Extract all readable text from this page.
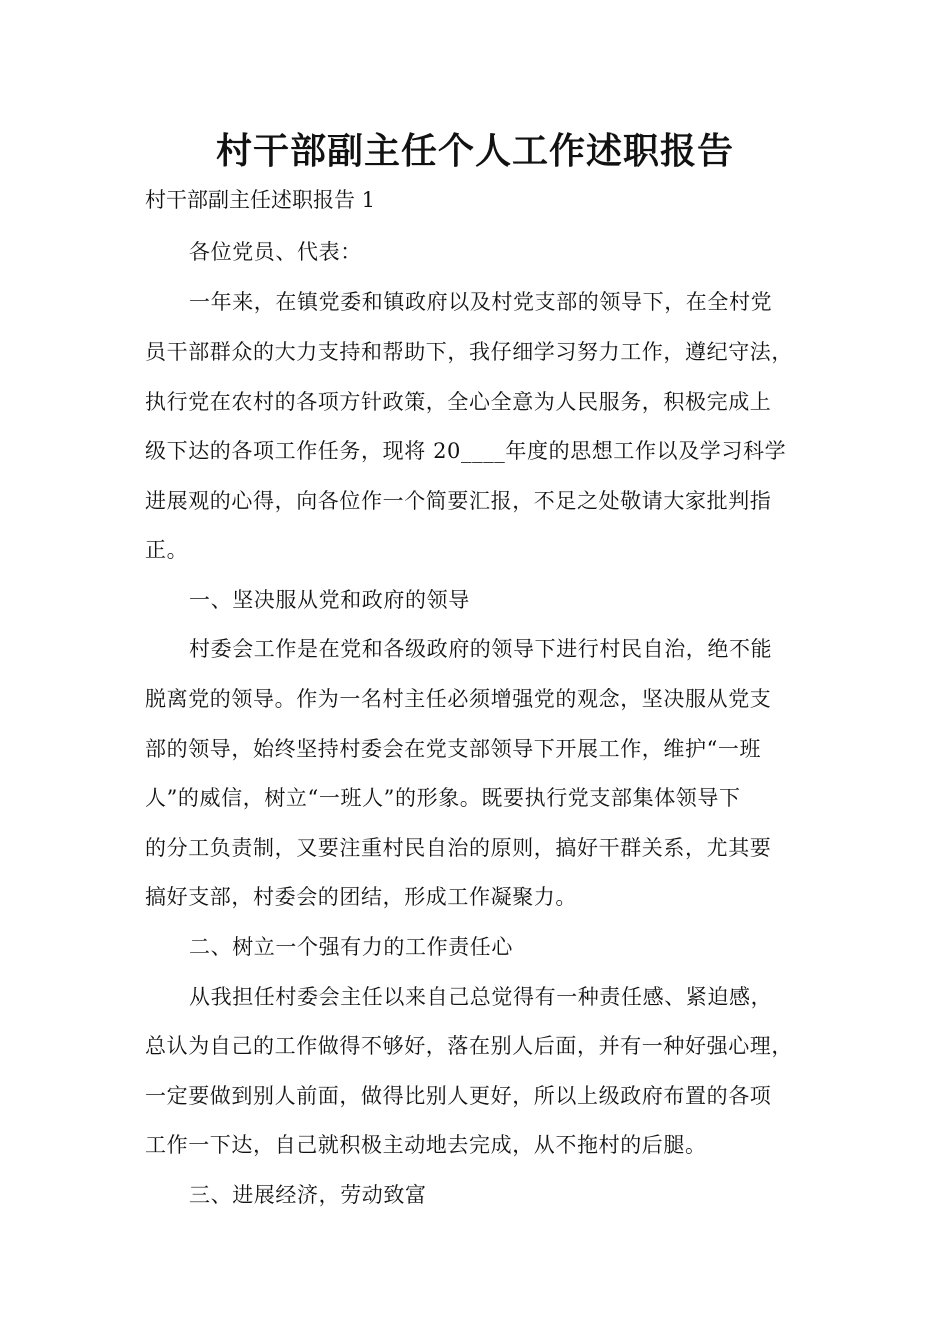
村干部副主任个人工作述职报告
村干部副主任述职报告 1
各位党员、代表：
一年来，在镇党委和镇政府以及村党支部的领导下，在全村党
员干部群众的大力支持和帮助下，我仔细学习努力工作，遵纪守法，
执行党在农村的各项方针政策，全心全意为人民服务，积极完成上
级下达的各项工作任务，现将 20____年度的思想工作以及学习科学
进展观的心得，向各位作一个简要汇报，不足之处敬请大家批判指
正。
一、坚决服从党和政府的领导
村委会工作是在党和各级政府的领导下进行村民自治，绝不能
脱离党的领导。作为一名村主任必须增强党的观念，坚决服从党支
部的领导，始终坚持村委会在党支部领导下开展工作，维护“一班
人”的威信，树立“一班人”的形象。既要执行党支部集体领导下
的分工负责制，又要注重村民自治的原则，搞好干群关系，尤其要
搞好支部，村委会的团结，形成工作凝聚力。
二、树立一个强有力的工作责任心
从我担任村委会主任以来自己总觉得有一种责任感、紧迫感，
总认为自己的工作做得不够好，落在别人后面，并有一种好强心理，
一定要做到别人前面，做得比别人更好，所以上级政府布置的各项
工作一下达，自己就积极主动地去完成，从不拖村的后腿。
三、进展经济，劳动致富
